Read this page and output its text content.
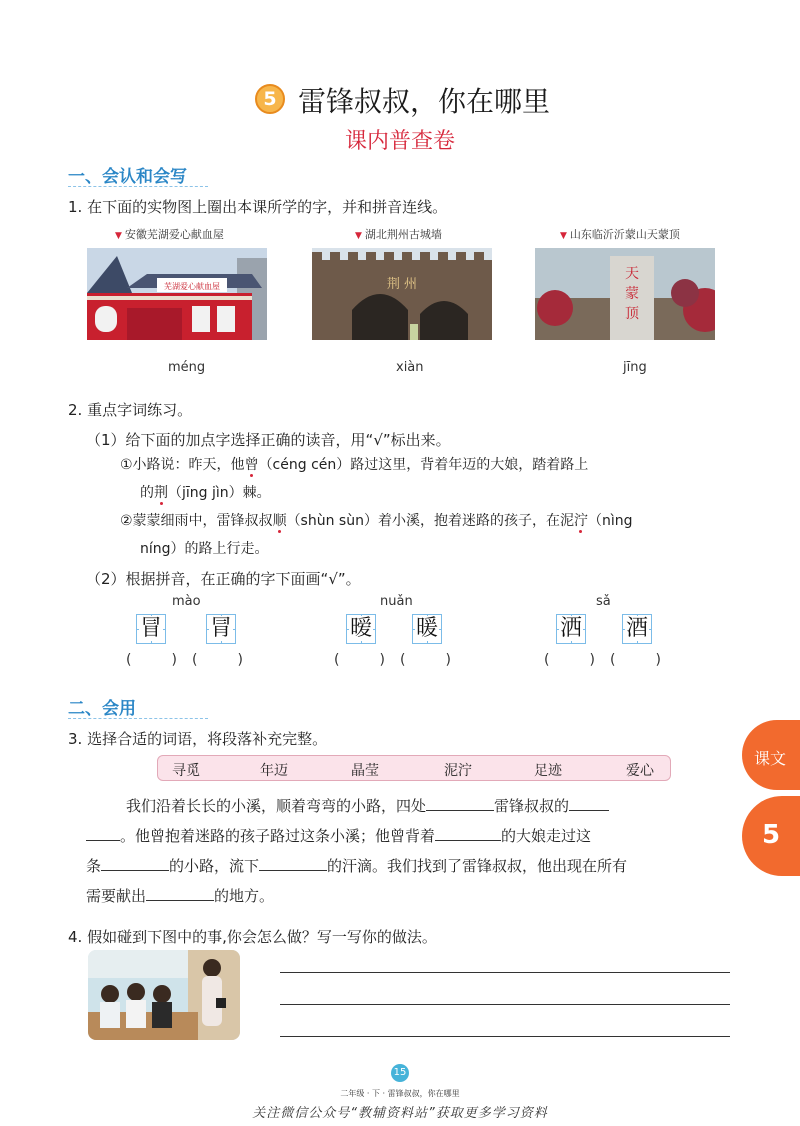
5 雷锋叔叔，你在哪里
课内普查卷
一、会认和会写
1. 在下面的实物图上圈出本课所学的字，并和拼音连线。
▼ 安徽芜湖爱心献血屋	▼ 湖北荆州古城墙	▼ 山东临沂沂蒙山天蒙顶
芜湖爱心献血屋	荆 州
天
蒙
顶
méng	xiàn	jīng
2. 重点字词练习。
（1）给下面的加点字选择正确的读音，用“√”标出来。
①小路说：昨天，他曾（céng cén）路过这里，背着年迈的大娘，踏着路上
的荆（jīng jìn）棘。
②蒙蒙细雨中，雷锋叔叔顺（shùn sùn）着小溪，抱着迷路的孩子，在泥泞（nìng
níng）的路上行走。
（2）根据拼音，在正确的字下面画“√”。
mào
冒 冐
(	) (	)
nuǎn
暧 暖
(	) (	)
sǎ
洒 酒
(	) (	)
二、会用
3. 选择合适的词语，将段落补充完整。
寻觅	年迈	晶莹	泥泞	足迹	爱心
我们沿着长长的小溪，顺着弯弯的小路，四处	雷锋叔叔的
。他曾抱着迷路的孩子路过这条小溪；他曾背着	的大娘走过这
条	的小路，流下	的汗滴。我们找到了雷锋叔叔，他出现在所有
需要献出	的地方。
4. 假如碰到下图中的事,你会怎么做？写一写你的做法。
课文
5
15
二年级 · 下 · 雷锋叔叔，你在哪里
关注微信公众号“教辅资料站”获取更多学习资料
